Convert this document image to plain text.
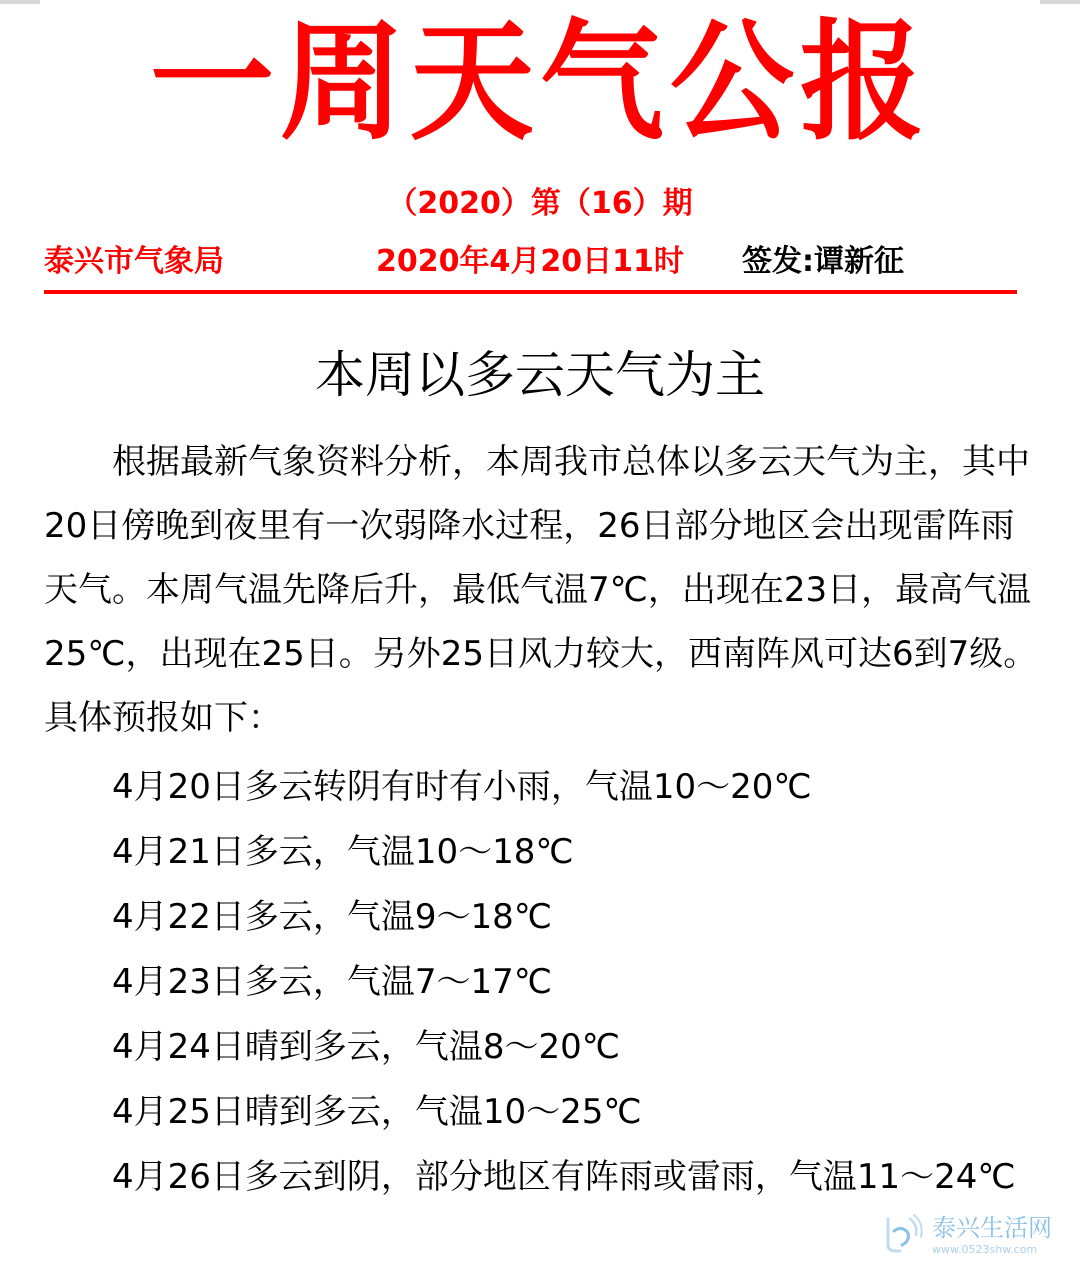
一周天气公报
（2020）第（16）期
泰兴市气象局	2020年4月20日11时 签发:谭新征
本周以多云天气为主

根据最新气象资料分析，本周我市总体以多云天气为主，其中20日傍晚到夜里有一次弱降水过程，26日部分地区会出现雷阵雨天气。本周气温先降后升，最低气温7℃，出现在23日，最高气温25℃，出现在25日。另外25日风力较大，西南阵风可达6到7级。具体预报如下：

4月20日多云转阴有时有小雨，气温10～20℃
4月21日多云，气温10～18℃
4月22日多云，气温9～18℃
4月23日多云，气温7～17℃
4月24日晴到多云，气温8～20℃
4月25日晴到多云，气温10～25℃
4月26日多云到阴，部分地区有阵雨或雷雨，气温11～24℃
泰兴生活网
www.0523shw.com
